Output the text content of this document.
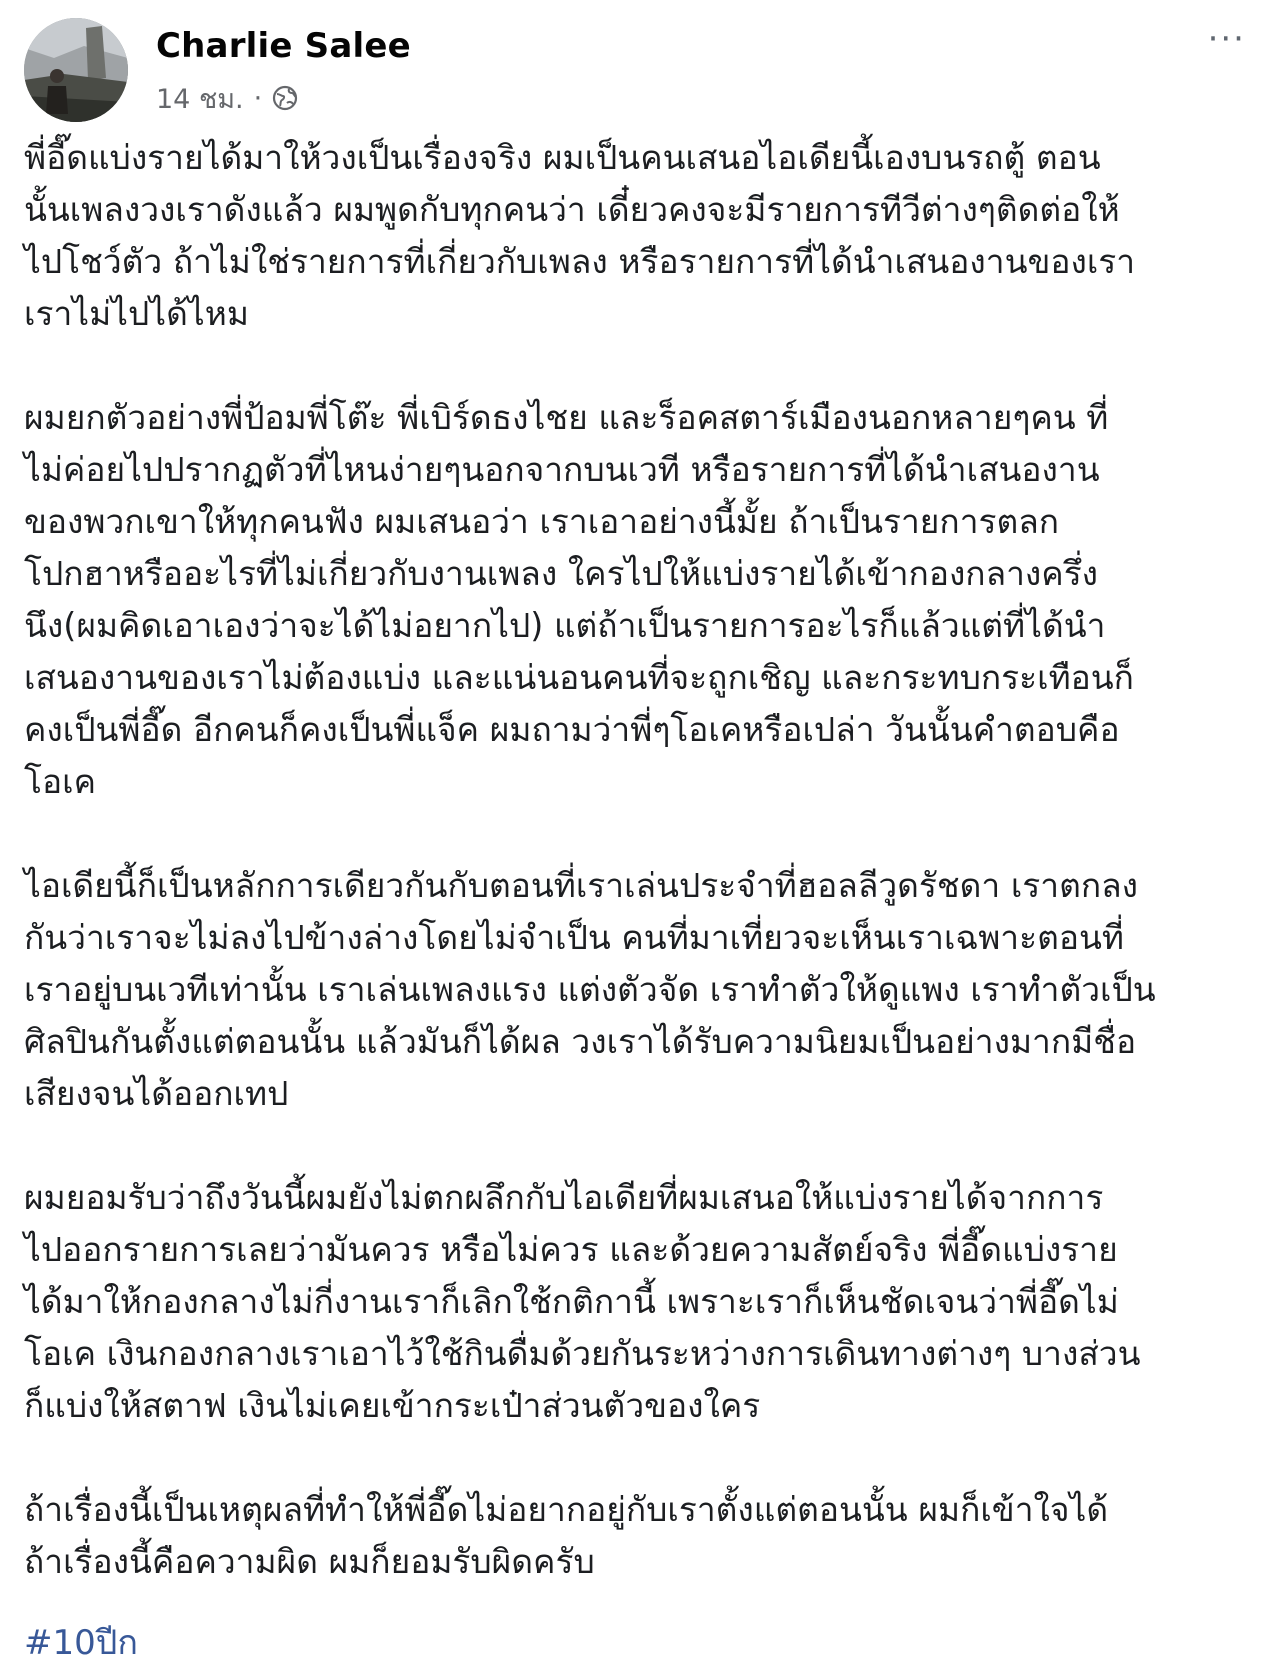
Charlie Salee
14 ชม. ·
···

พี่อี๊ดแบ่งรายได้มาให้วงเป็นเรื่องจริง ผมเป็นคนเสนอไอเดียนี้เองบนรถตู้ ตอน
นั้นเพลงวงเราดังแล้ว ผมพูดกับทุกคนว่า เดี๋ยวคงจะมีรายการทีวีต่างๆติดต่อให้
ไปโชว์ตัว ถ้าไม่ใช่รายการที่เกี่ยวกับเพลง หรือรายการที่ได้นำเสนองานของเรา
เราไม่ไปได้ไหม

ผมยกตัวอย่างพี่ป้อมพี่โต๊ะ พี่เบิร์ดธงไชย และร็อคสตาร์เมืองนอกหลายๆคน ที่
ไม่ค่อยไปปรากฏตัวที่ไหนง่ายๆนอกจากบนเวที หรือรายการที่ได้นำเสนองาน
ของพวกเขาให้ทุกคนฟัง ผมเสนอว่า เราเอาอย่างนี้มั้ย ถ้าเป็นรายการตลก
โปกฮาหรืออะไรที่ไม่เกี่ยวกับงานเพลง ใครไปให้แบ่งรายได้เข้ากองกลางครึ่ง
นึง(ผมคิดเอาเองว่าจะได้ไม่อยากไป) แต่ถ้าเป็นรายการอะไรก็แล้วแต่ที่ได้นำ
เสนองานของเราไม่ต้องแบ่ง และแน่นอนคนที่จะถูกเชิญ และกระทบกระเทือนก็
คงเป็นพี่อี๊ด อีกคนก็คงเป็นพี่แจ็ค ผมถามว่าพี่ๆโอเคหรือเปล่า วันนั้นคำตอบคือ
โอเค

ไอเดียนี้ก็เป็นหลักการเดียวกันกับตอนที่เราเล่นประจำที่ฮอลลีวูดรัชดา เราตกลง
กันว่าเราจะไม่ลงไปข้างล่างโดยไม่จำเป็น คนที่มาเที่ยวจะเห็นเราเฉพาะตอนที่
เราอยู่บนเวทีเท่านั้น เราเล่นเพลงแรง แต่งตัวจัด เราทำตัวให้ดูแพง เราทำตัวเป็น
ศิลปินกันตั้งแต่ตอนนั้น แล้วมันก็ได้ผล วงเราได้รับความนิยมเป็นอย่างมากมีชื่อ
เสียงจนได้ออกเทป

ผมยอมรับว่าถึงวันนี้ผมยังไม่ตกผลึกกับไอเดียที่ผมเสนอให้แบ่งรายได้จากการ
ไปออกรายการเลยว่ามันควร หรือไม่ควร และด้วยความสัตย์จริง พี่อี๊ดแบ่งราย
ได้มาให้กองกลางไม่กี่งานเราก็เลิกใช้กติกานี้ เพราะเราก็เห็นชัดเจนว่าพี่อี๊ดไม่
โอเค เงินกองกลางเราเอาไว้ใช้กินดื่มด้วยกันระหว่างการเดินทางต่างๆ บางส่วน
ก็แบ่งให้สตาฟ เงินไม่เคยเข้ากระเป๋าส่วนตัวของใคร

ถ้าเรื่องนี้เป็นเหตุผลที่ทำให้พี่อี๊ดไม่อยากอยู่กับเราตั้งแต่ตอนนั้น ผมก็เข้าใจได้
ถ้าเรื่องนี้คือความผิด ผมก็ยอมรับผิดครับ

#10ปีก
